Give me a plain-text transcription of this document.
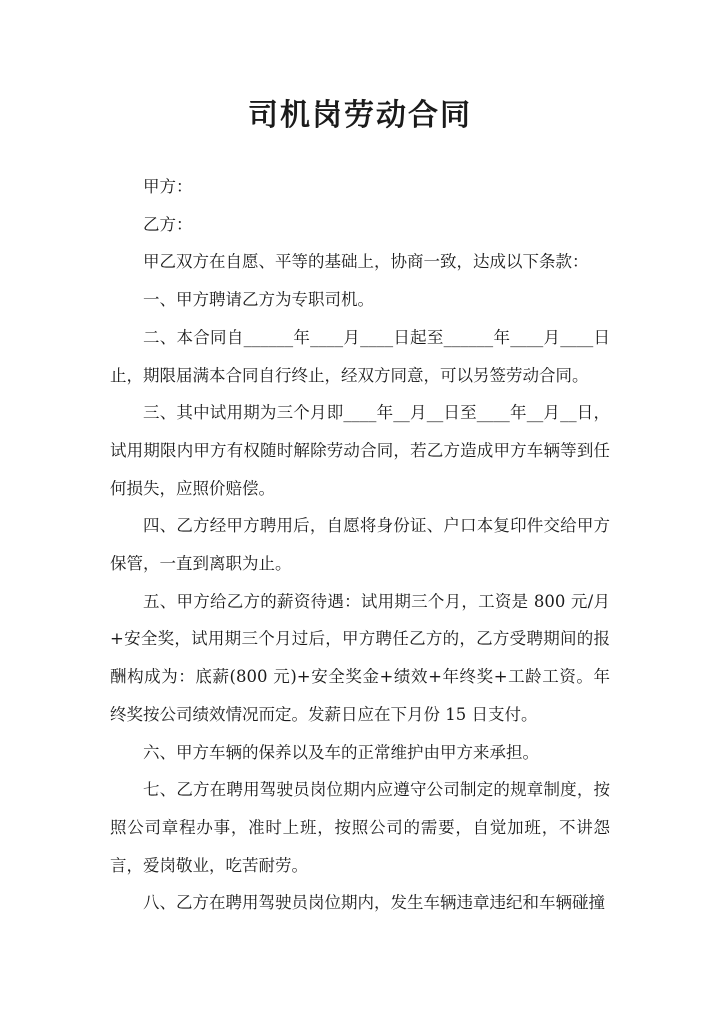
司机岗劳动合同

甲方：

乙方：

甲乙双方在自愿、平等的基础上，协商一致，达成以下条款：

一、甲方聘请乙方为专职司机。

二、本合同自______年____月____日起至______年____月____日止，期限届满本合同自行终止，经双方同意，可以另签劳动合同。

三、其中试用期为三个月即____年__月__日至____年__月__日，试用期限内甲方有权随时解除劳动合同，若乙方造成甲方车辆等到任何损失，应照价赔偿。

四、乙方经甲方聘用后，自愿将身份证、户口本复印件交给甲方保管，一直到离职为止。

五、甲方给乙方的薪资待遇：试用期三个月，工资是 800 元/月+安全奖，试用期三个月过后，甲方聘任乙方的，乙方受聘期间的报酬构成为：底薪(800 元)+安全奖金+绩效+年终奖+工龄工资。年终奖按公司绩效情况而定。发薪日应在下月份 15 日支付。

六、甲方车辆的保养以及车的正常维护由甲方来承担。

七、乙方在聘用驾驶员岗位期内应遵守公司制定的规章制度，按照公司章程办事，准时上班，按照公司的需要，自觉加班，不讲怨言，爱岗敬业，吃苦耐劳。

八、乙方在聘用驾驶员岗位期内，发生车辆违章违纪和车辆碰撞
